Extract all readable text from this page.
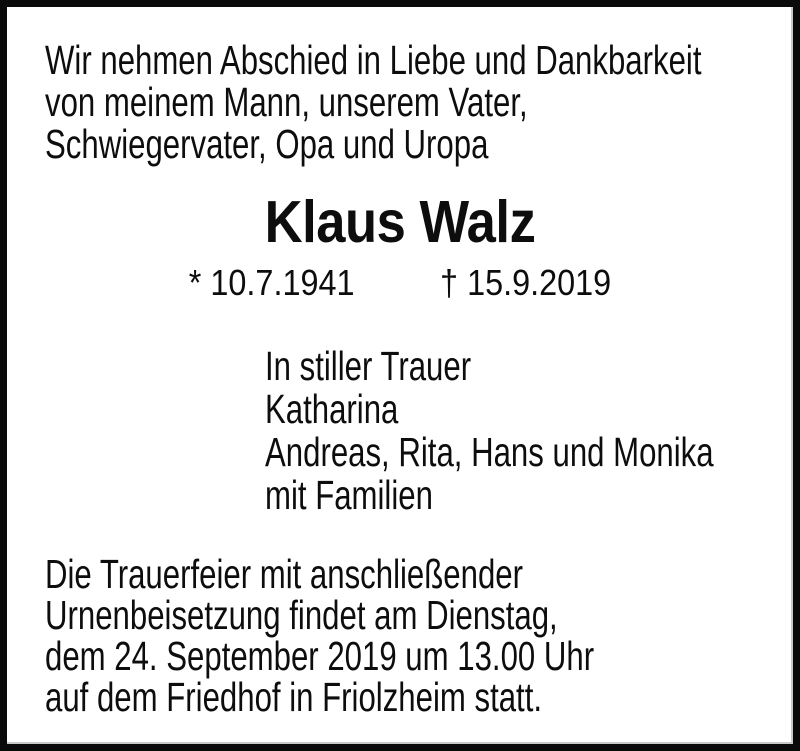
Wir nehmen Abschied in Liebe und Dankbarkeit
von meinem Mann, unserem Vater,
Schwiegervater, Opa und Uropa
Klaus Walz
* 10.7.1941 † 15.9.2019
In stiller Trauer
Katharina
Andreas, Rita, Hans und Monika
mit Familien
Die Trauerfeier mit anschließender
Urnenbeisetzung findet am Dienstag,
dem 24. September 2019 um 13.00 Uhr
auf dem Friedhof in Friolzheim statt.
